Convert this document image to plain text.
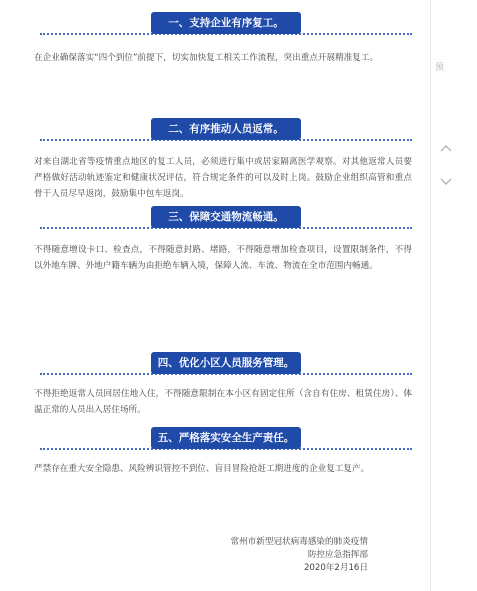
一、支持企业有序复工。
在企业确保落实“四个到位”前提下，切实加快复工相关工作流程，突出重点开展精准复工。
二、有序推动人员返常。
对来自湖北省等疫情重点地区的复工人员，必须进行集中或居家隔离医学观察。对其他返常人员要严格做好活动轨迹鉴定和健康状况评估，符合规定条件的可以及时上岗。鼓励企业组织高管和重点骨干人员尽早返岗，鼓励集中包车返岗。
三、保障交通物流畅通。
不得随意增设卡口、检查点，不得随意封路、堵路，不得随意增加检查项目，设置限制条件，不得以外地车牌、外地户籍车辆为由拒绝车辆入境，保障人流、车流、物流在全市范围内畅通。
四、优化小区人员服务管理。
不得拒绝返常人员回居住地入住，不得随意限制在本小区有固定住所（含自有住房、租赁住房）、体温正常的人员出入居住场所。
五、严格落实安全生产责任。
严禁存在重大安全隐患、风险辨识管控不到位、盲目冒险抢赶工期进度的企业复工复产。
常州市新型冠状病毒感染的肺炎疫情
防控应急指挥部
2020年2月16日
预
